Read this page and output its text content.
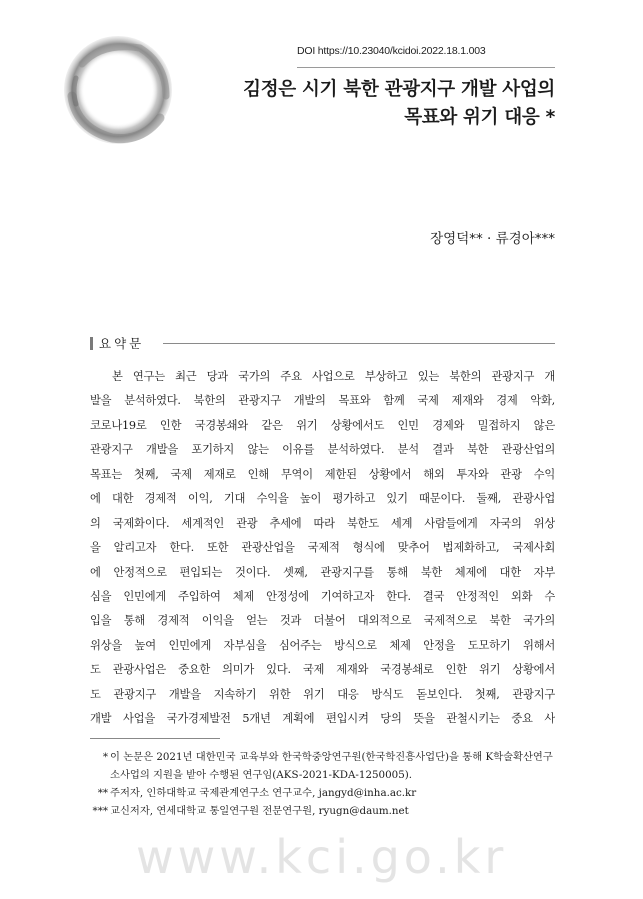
DOI https://10.23040/kcidoi.2022.18.1.003
김정은 시기 북한 관광지구 개발 사업의
목표와 위기 대응 *
장영덕** · 류경아***
요약문
본 연구는 최근 당과 국가의 주요 사업으로 부상하고 있는 북한의 관광지구 개
발을 분석하였다. 북한의 관광지구 개발의 목표와 함께 국제 제재와 경제 악화,
코로나19로 인한 국경봉쇄와 같은 위기 상황에서도 인민 경제와 밀접하지 않은
관광지구 개발을 포기하지 않는 이유를 분석하였다. 분석 결과 북한 관광산업의
목표는 첫째, 국제 제재로 인해 무역이 제한된 상황에서 해외 투자와 관광 수익
에 대한 경제적 이익, 기대 수익을 높이 평가하고 있기 때문이다. 둘째, 관광사업
의 국제화이다. 세계적인 관광 추세에 따라 북한도 세계 사람들에게 자국의 위상
을 알리고자 한다. 또한 관광산업을 국제적 형식에 맞추어 법제화하고, 국제사회
에 안정적으로 편입되는 것이다. 셋째, 관광지구를 통해 북한 체제에 대한 자부
심을 인민에게 주입하여 체제 안정성에 기여하고자 한다. 결국 안정적인 외화 수
입을 통해 경제적 이익을 얻는 것과 더불어 대외적으로 국제적으로 북한 국가의
위상을 높여 인민에게 자부심을 심어주는 방식으로 체제 안정을 도모하기 위해서
도 관광사업은 중요한 의미가 있다. 국제 제재와 국경봉쇄로 인한 위기 상황에서
도 관광지구 개발을 지속하기 위한 위기 대응 방식도 돋보인다. 첫째, 관광지구
개발 사업을 국가경제발전 5개년 계획에 편입시켜 당의 뜻을 관철시키는 중요 사
* 이 논문은 2021년 대한민국 교육부와 한국학중앙연구원(한국학진흥사업단)을 통해 K학술확산연구소사업의 지원을 받아 수행된 연구임(AKS-2021-KDA-1250005).
** 주저자, 인하대학교 국제관계연구소 연구교수, jangyd@inha.ac.kr
*** 교신저자, 연세대학교 통일연구원 전문연구원, ryugn@daum.net
www.kci.go.kr
